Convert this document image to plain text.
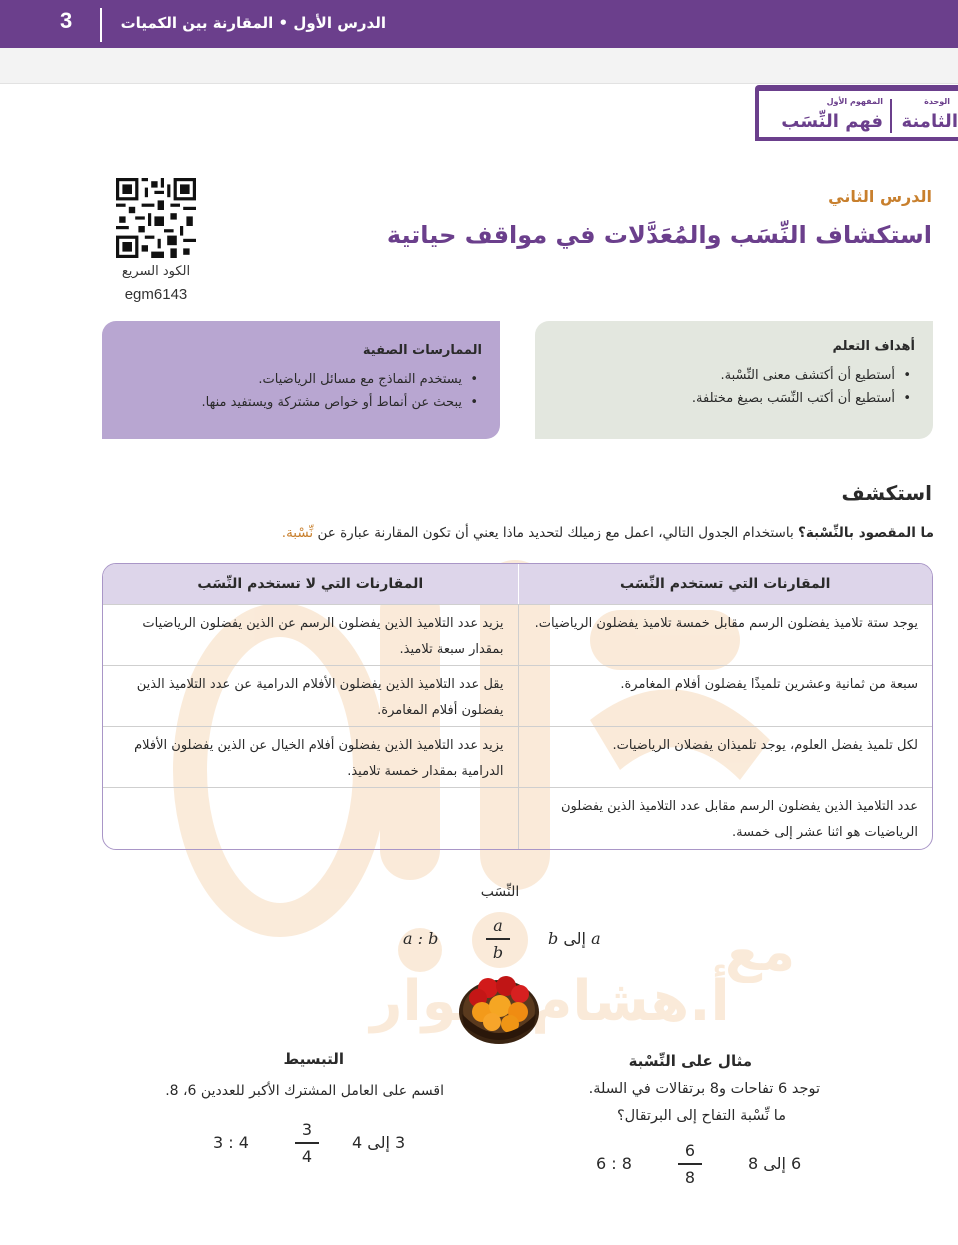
3	الدرس الأول • المقارنة بين الكميات
الوحدة
الثامنة
المفهوم الأول
فهم النِّسَب
الدرس الثاني
استكشاف النِّسَب والمُعَدَّلات في مواقف حياتية
الكود السريع
egm6143
أهداف التعلم
• أستطيع أن أكتشف معنى النِّسْبة.
• أستطيع أن أكتب النِّسَب بصيغ مختلفة.
الممارسات الصفية
• يستخدم النماذج مع مسائل الرياضيات.
• يبحث عن أنماط أو خواص مشتركة ويستفيد منها.
مع
أ.هشام سوار
استكشف
ما المقصود بالنِّسْبة؟ باستخدام الجدول التالي، اعمل مع زميلك لتحديد ماذا يعني أن تكون المقارنة عبارة عن نِّسْبة.
المقارنات التي تستخدم النِّسَب
المقارنات التي لا تستخدم النِّسَب
يوجد ستة تلاميذ يفضلون الرسم مقابل خمسة تلاميذ يفضلون الرياضيات.
يزيد عدد التلاميذ الذين يفضلون الرسم عن الذين يفضلون الرياضيات بمقدار سبعة تلاميذ.
سبعة من ثمانية وعشرين تلميذًا يفضلون أفلام المغامرة.
يقل عدد التلاميذ الذين يفضلون الأفلام الدرامية عن عدد التلاميذ الذين يفضلون أفلام المغامرة.
لكل تلميذ يفضل العلوم، يوجد تلميذان يفضلان الرياضيات.
يزيد عدد التلاميذ الذين يفضلون أفلام الخيال عن الذين يفضلون الأفلام الدرامية بمقدار خمسة تلاميذ.
عدد التلاميذ الذين يفضلون الرسم مقابل عدد التلاميذ الذين يفضلون الرياضيات هو اثنا عشر إلى خمسة.
النِّسَب
a : b
a
b
a إلى b
مثال على النِّسْبة
توجد 6 تفاحات و8 برتقالات في السلة.
ما نِّسْبة التفاح إلى البرتقال؟
6 : 8
6
8
6 إلى 8
التبسيط
اقسم على العامل المشترك الأكبر للعددين 6، 8.
3 : 4
3
4
3 إلى 4
